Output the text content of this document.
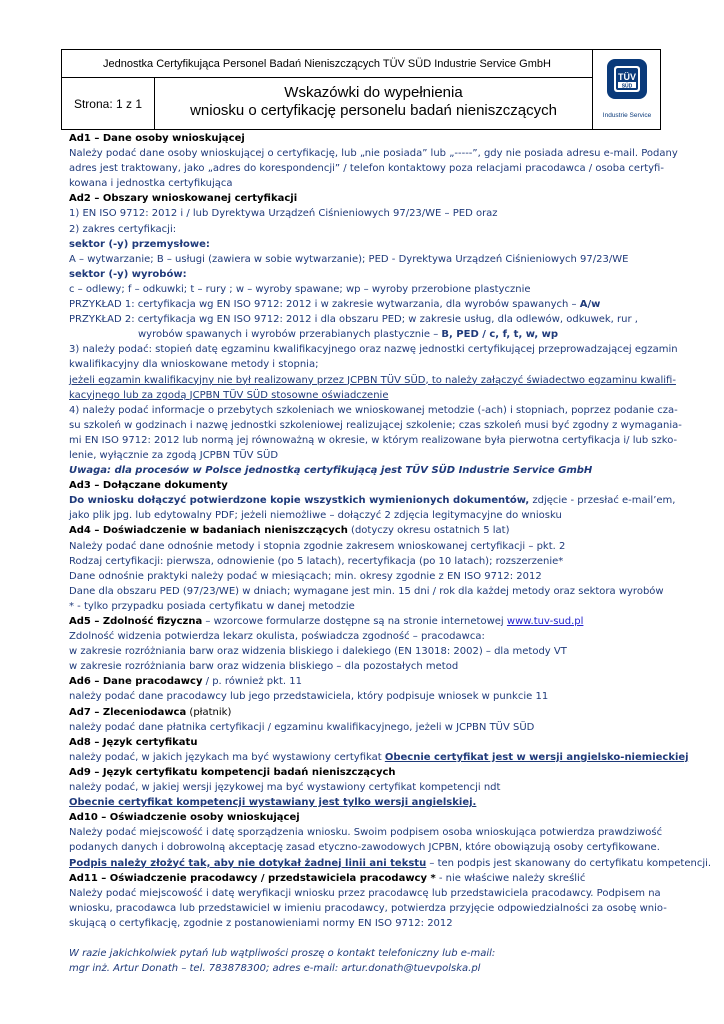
Jednostka Certyfikująca Personel Badań Nieniszczących TÜV SÜD Industrie Service GmbH
Strona: 1 z 1
Wskazówki do wypełnienia
wniosku o certyfikację personelu badań nieniszczących
TÜV
SÜD
Industrie Service
Ad1 – Dane osoby wnioskującej
Należy podać dane osoby wnioskującej o certyfikację, lub „nie posiada” lub „-----”, gdy nie posiada adresu e-mail. Podany
adres jest traktowany, jako „adres do korespondencji” / telefon kontaktowy poza relacjami pracodawca / osoba certyfi-
kowana i jednostka certyfikująca
Ad2 – Obszary wnioskowanej certyfikacji
1) EN ISO 9712: 2012 i / lub Dyrektywa Urządzeń Ciśnieniowych 97/23/WE – PED oraz
2) zakres certyfikacji:
sektor (-y) przemysłowe:
A – wytwarzanie; B – usługi (zawiera w sobie wytwarzanie); PED - Dyrektywa Urządzeń Ciśnieniowych 97/23/WE
sektor (-y) wyrobów:
c – odlewy; f – odkuwki; t – rury ; w – wyroby spawane; wp – wyroby przerobione plastycznie
PRZYKŁAD 1: certyfikacja wg EN ISO 9712: 2012 i w zakresie wytwarzania, dla wyrobów spawanych – A/w
PRZYKŁAD 2: certyfikacja wg EN ISO 9712: 2012 i dla obszaru PED; w zakresie usług, dla odlewów, odkuwek, rur ,
wyrobów spawanych i wyrobów przerabianych plastycznie – B, PED / c, f, t, w, wp
3) należy podać: stopień datę egzaminu kwalifikacyjnego oraz nazwę jednostki certyfikującej przeprowadzającej egzamin
kwalifikacyjny dla wnioskowane metody i stopnia;
jeżeli egzamin kwalifikacyjny nie był realizowany przez JCPBN TÜV SÜD, to należy załączyć świadectwo egzaminu kwalifi-
kacyjnego lub za zgodą JCPBN TÜV SÜD stosowne oświadczenie
4) należy podać informacje o przebytych szkoleniach we wnioskowanej metodzie (-ach) i stopniach, poprzez podanie cza-
su szkoleń w godzinach i nazwę jednostki szkoleniowej realizującej szkolenie; czas szkoleń musi być zgodny z wymagania-
mi EN ISO 9712: 2012 lub normą jej równoważną w okresie, w którym realizowane była pierwotna certyfikacja i/ lub szko-
lenie, wyłącznie za zgodą JCPBN TÜV SÜD
Uwaga: dla procesów w Polsce jednostką certyfikującą jest TÜV SÜD Industrie Service GmbH
Ad3 – Dołączane dokumenty
Do wniosku dołączyć potwierdzone kopie wszystkich wymienionych dokumentów, zdjęcie - przesłać e-mail’em,
jako plik jpg. lub edytowalny PDF; jeżeli niemożliwe – dołączyć 2 zdjęcia legitymacyjne do wniosku
Ad4 – Doświadczenie w badaniach nieniszczących (dotyczy okresu ostatnich 5 lat)
Należy podać dane odnośnie metody i stopnia zgodnie zakresem wnioskowanej certyfikacji – pkt. 2
Rodzaj certyfikacji: pierwsza, odnowienie (po 5 latach), recertyfikacja (po 10 latach); rozszerzenie*
Dane odnośnie praktyki należy podać w miesiącach; min. okresy zgodnie z EN ISO 9712: 2012
Dane dla obszaru PED (97/23/WE) w dniach; wymagane jest min. 15 dni / rok dla każdej metody oraz sektora wyrobów
* - tylko przypadku posiada certyfikatu w danej metodzie
Ad5 – Zdolność fizyczna – wzorcowe formularze dostępne są na stronie internetowej www.tuv-sud.pl
Zdolność widzenia potwierdza lekarz okulista, poświadcza zgodność – pracodawca:
w zakresie rozróżniania barw oraz widzenia bliskiego i dalekiego (EN 13018: 2002) – dla metody VT
w zakresie rozróżniania barw oraz widzenia bliskiego – dla pozostałych metod
Ad6 – Dane pracodawcy / p. również pkt. 11
należy podać dane pracodawcy lub jego przedstawiciela, który podpisuje wniosek w punkcie 11
Ad7 – Zleceniodawca (płatnik)
należy podać dane płatnika certyfikacji / egzaminu kwalifikacyjnego, jeżeli w JCPBN TÜV SÜD
Ad8 – Język certyfikatu
należy podać, w jakich językach ma być wystawiony certyfikat Obecnie certyfikat jest w wersji angielsko-niemieckiej
Ad9 – Język certyfikatu kompetencji badań nieniszczących
należy podać, w jakiej wersji językowej ma być wystawiony certyfikat kompetencji ndt
Obecnie certyfikat kompetencji wystawiany jest tylko wersji angielskiej.
Ad10 – Oświadczenie osoby wnioskującej
Należy podać miejscowość i datę sporządzenia wniosku. Swoim podpisem osoba wnioskująca potwierdza prawdziwość
podanych danych i dobrowolną akceptację zasad etyczno-zawodowych JCPBN, które obowiązują osoby certyfikowane.
Podpis należy złożyć tak, aby nie dotykał żadnej linii ani tekstu – ten podpis jest skanowany do certyfikatu kompetencji.
Ad11 – Oświadczenie pracodawcy / przedstawiciela pracodawcy * - nie właściwe należy skreślić
Należy podać miejscowość i datę weryfikacji wniosku przez pracodawcę lub przedstawiciela pracodawcy. Podpisem na
wniosku, pracodawca lub przedstawiciel w imieniu pracodawcy, potwierdza przyjęcie odpowiedzialności za osobę wnio-
skującą o certyfikację, zgodnie z postanowieniami normy EN ISO 9712: 2012
W razie jakichkolwiek pytań lub wątpliwości proszę o kontakt telefoniczny lub e-mail:
mgr inż. Artur Donath – tel. 783878300; adres e-mail: artur.donath@tuevpolska.pl
